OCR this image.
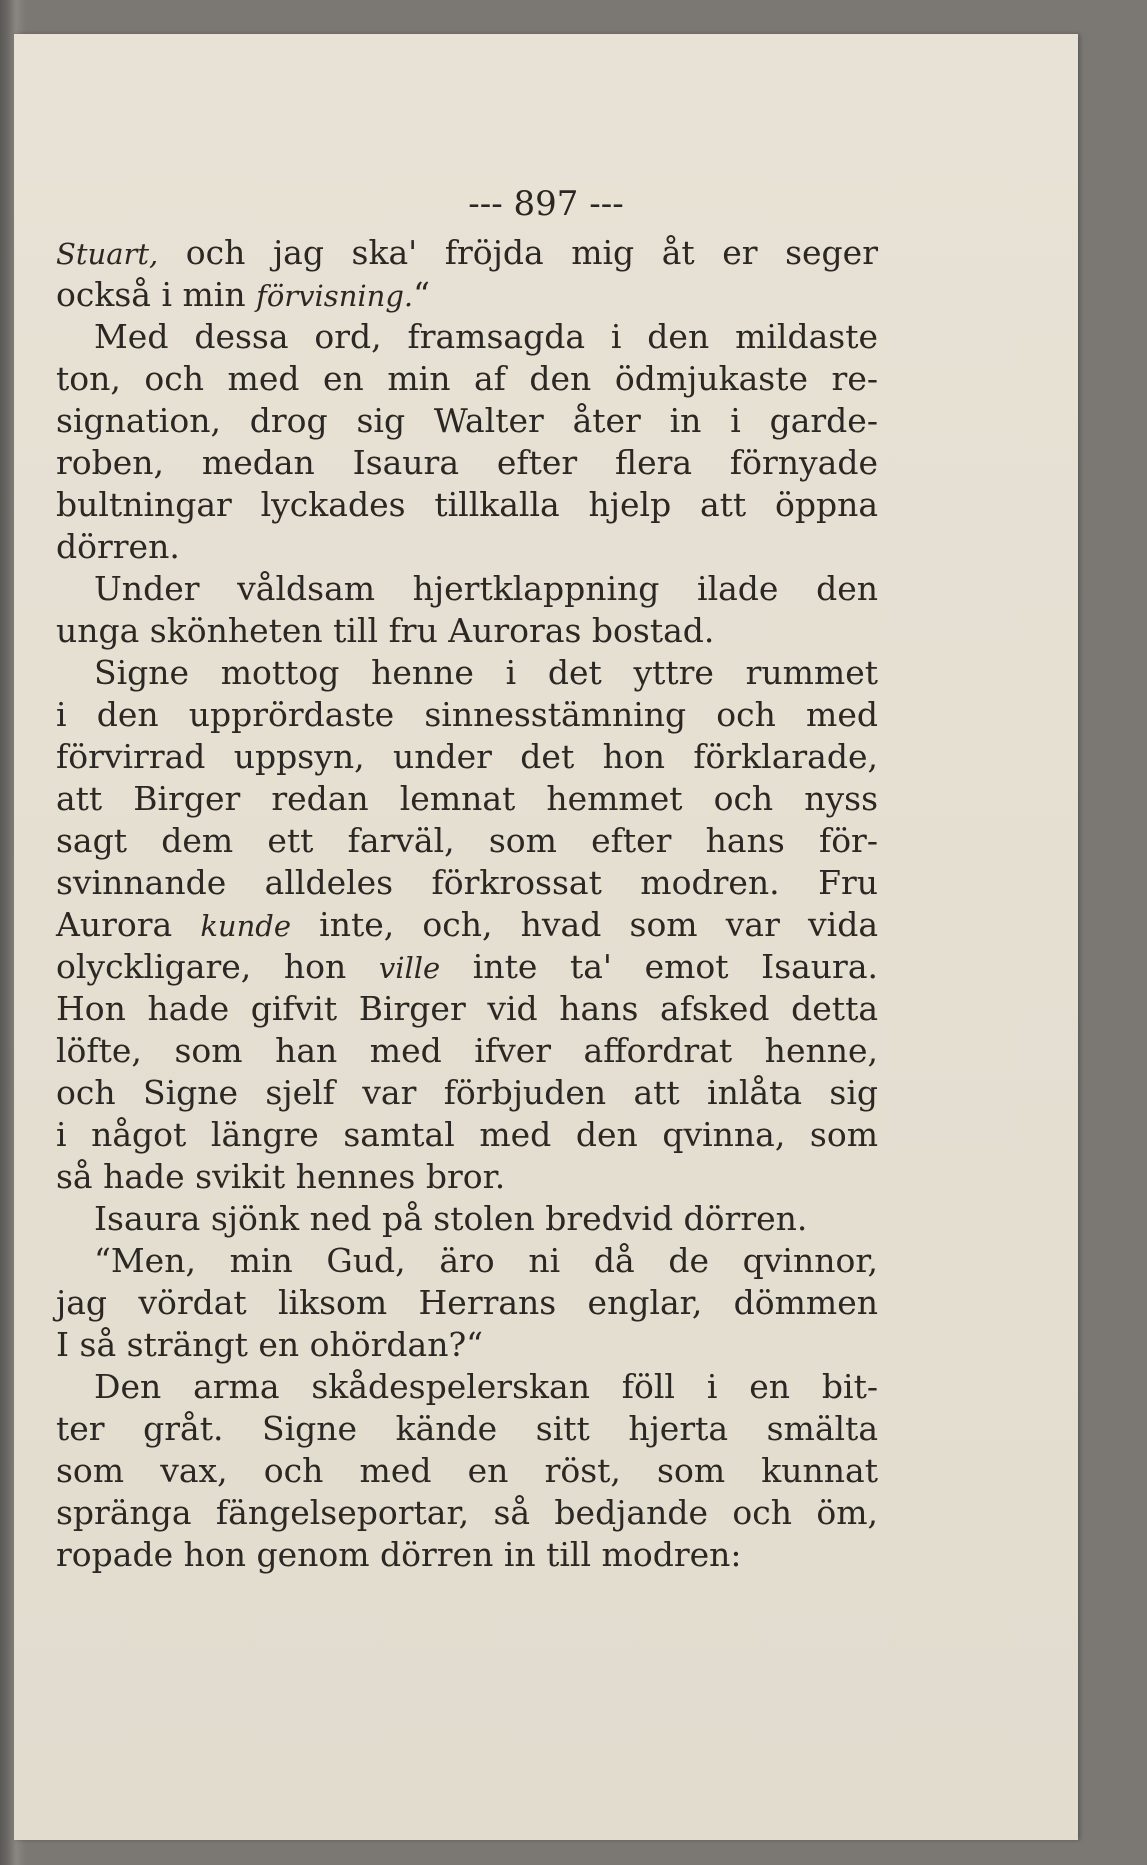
--- 897 ---
Stuart, och jag ska' fröjda mig åt er seger
också i min förvisning.“
Med dessa ord, framsagda i den mildaste
ton, och med en min af den ödmjukaste re-
signation, drog sig Walter åter in i garde-
roben, medan Isaura efter flera förnyade
bultningar lyckades tillkalla hjelp att öppna
dörren.
Under våldsam hjertklappning ilade den
unga skönheten till fru Auroras bostad.
Signe mottog henne i det yttre rummet
i den upprördaste sinnesstämning och med
förvirrad uppsyn, under det hon förklarade,
att Birger redan lemnat hemmet och nyss
sagt dem ett farväl, som efter hans för-
svinnande alldeles förkrossat modren. Fru
Aurora kunde inte, och, hvad som var vida
olyckligare, hon ville inte ta' emot Isaura.
Hon hade gifvit Birger vid hans afsked detta
löfte, som han med ifver affordrat henne,
och Signe sjelf var förbjuden att inlåta sig
i något längre samtal med den qvinna, som
så hade svikit hennes bror.
Isaura sjönk ned på stolen bredvid dörren.
“Men, min Gud, äro ni då de qvinnor,
jag vördat liksom Herrans englar, dömmen
I så strängt en ohördan?“
Den arma skådespelerskan föll i en bit-
ter gråt. Signe kände sitt hjerta smälta
som vax, och med en röst, som kunnat
spränga fängelseportar, så bedjande och öm,
ropade hon genom dörren in till modren:
